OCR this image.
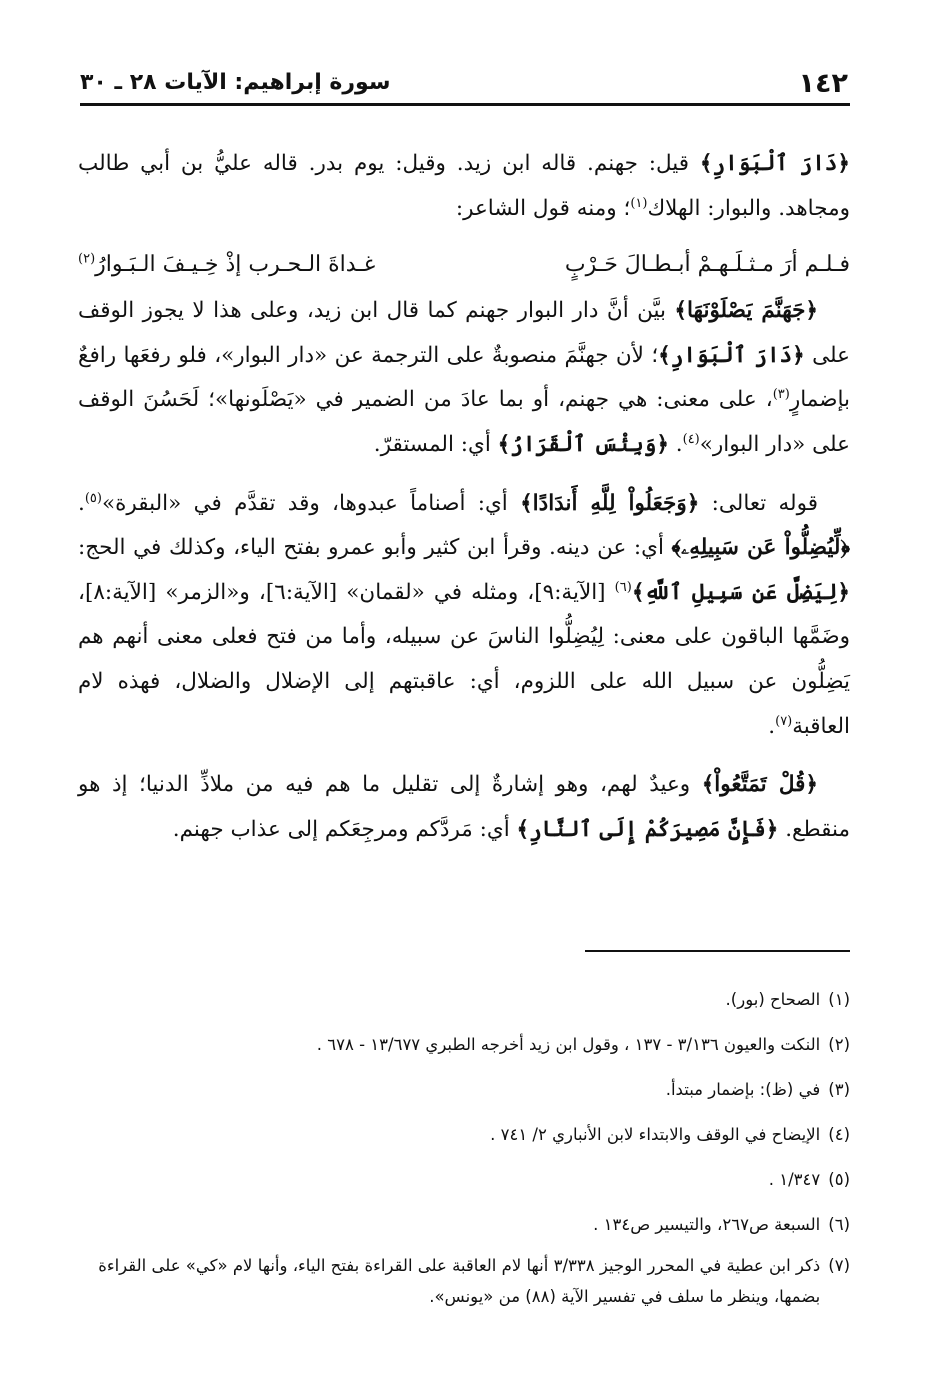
١٤٢
سورة إبراهيم: الآيات ٢٨ ـ ٣٠

﴿دَارَ ٱلْبَوَارِ﴾ قيل: جهنم. قاله ابن زيد. وقيل: يوم بدر. قاله عليُّ بن أبي طالب ومجاهد. والبوار: الهلاك$^{(١)}$؛ ومنه قول الشاعر:

﴿جَهَنَّمَ يَصْلَوْنَهَا﴾ بيَّن أنَّ دار البوار جهنم كما قال ابن زيد، وعلى هذا لا يجوز الوقف على ﴿دَارَ ٱلْبَوَارِ﴾؛ لأن جهنَّمَ منصوبةٌ على الترجمة عن «دار البوار»، فلو رفعَها رافعٌ بإضمارٍ$^{(٣)}$، على معنى: هي جهنم، أو بما عادَ من الضمير في «يَصْلَونها»؛ لَحَسُنَ الوقف على «دار البوار»$^{(٤)}$. ﴿وَبِئْسَ ٱلْقَرَارُ﴾ أي: المستقرّ.

قوله تعالى: ﴿وَجَعَلُواْ لِلَّهِ أَندَادًا﴾ أي: أصناماً عبدوها، وقد تقدَّم في «البقرة»$^{(٥)}$. ﴿لِّيُضِلُّواْ عَن سَبِيلِهِۦ﴾ أي: عن دينه. وقرأ ابن كثير وأبو عمرو بفتح الياء، وكذلك في الحج: ﴿لِيَضِلَّ عَن سَبِيلِ ٱللَّهِ﴾$^{(٦)}$ [الآية:٩]، ومثله في «لقمان» [الآية:٦]، و«الزمر» [الآية:٨]، وضَمَّها الباقون على معنى: لِيُضِلُّوا الناسَ عن سبيله، وأما من فتح فعلى معنى أنهم هم يَضِلُّون عن سبيل الله على اللزوم، أي: عاقبتهم إلى الإضلال والضلال، فهذه لام العاقبة$^{(٧)}$.

﴿قُلْ تَمَتَّعُواْ﴾ وعيدٌ لهم، وهو إشارةٌ إلى تقليل ما هم فيه من ملاذِّ الدنيا؛ إذ هو منقطع. ﴿فَإِنَّ مَصِيرَكُمْ إِلَى ٱلنَّارِ﴾ أي: مَردَّكم ومرجِعَكم إلى عذاب جهنم.

فـلـم أرَ مـثـلَـهـمْ أبـطـالَ حَـرْبٍ
غـداةَ الـحـرب إذْ خِـيـفَ الـبَـوارُ$^{(٢)}$

(١)
الصحاح (بور).

(٢)
النكت والعيون ٣/١٣٦ - ١٣٧ ، وقول ابن زيد أخرجه الطبري ١٣/٦٧٧ - ٦٧٨ .

(٣)
في (ظ): بإضمار مبتدأ.

(٤)
الإيضاح في الوقف والابتداء لابن الأنباري ٢/ ٧٤١ .

(٥)
١/٣٤٧ .

(٦)
السبعة ص٢٦٧، والتيسير ص١٣٤ .

(٧)
ذكر ابن عطية في المحرر الوجيز ٣/٣٣٨ أنها لام العاقبة على القراءة بفتح الياء، وأنها لام «كي» على القراءة بضمها، وينظر ما سلف في تفسير الآية (٨٨) من «يونس».
